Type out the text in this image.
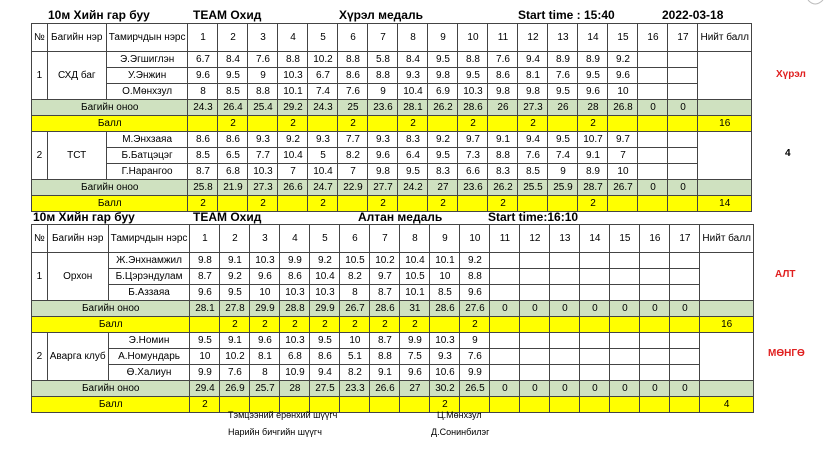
10м Хийн гар буу	TEAM Охид	Хүрэл медаль	Start time : 15:40	2022-03-18
№	Багийн нэр	Тамирчдын нэрс	1	2	3	4	5	6	7	8	9	10	11	12	13	14	15	16	17	Нийт балл
1	СХД баг	Э.Эгшиглэн	6.7	8.4	7.6	8.8	10.2	8.8	5.8	8.4	9.5	8.8	7.6	9.4	8.9	8.9	9.2			
		У.Энжин	9.6	9.5	9	10.3	6.7	8.6	8.8	9.3	9.8	9.5	8.6	8.1	7.6	9.5	9.6			
		О.Мөнхзул	8	8.5	8.8	10.1	7.4	7.6	9	10.4	6.9	10.3	9.8	9.8	9.5	9.6	10			
Багийн оноо			24.3	26.4	25.4	29.2	24.3	25	23.6	28.1	26.2	28.6	26	27.3	26	28	26.8	0	0	
Балл				2		2		2		2		2		2		2				16
2	ТСТ	М.Энхзаяа	8.6	8.6	9.3	9.2	9.3	7.7	9.3	8.3	9.2	9.7	9.1	9.4	9.5	10.7	9.7			
		Б.Батцэцэг	8.5	6.5	7.7	10.4	5	8.2	9.6	6.4	9.5	7.3	8.8	7.6	7.4	9.1	7			
		Г.Нарангоо	8.7	6.8	10.3	7	10.4	7	9.8	9.5	8.3	6.6	8.3	8.5	9	8.9	10			
Багийн оноо			25.8	21.9	27.3	26.6	24.7	22.9	27.7	24.2	27	23.6	26.2	25.5	25.9	28.7	26.7	0	0	
Балл			2		2		2		2		2		2			2				14
Хүрэл
4
10м Хийн гар буу	TEAM Охид	Алтан медаль	Start time:16:10
№	Багийн нэр	Тамирчдын нэрс	1	2	3	4	5	6	7	8	9	10	11	12	13	14	15	16	17	Нийт балл
1	Орхон	Ж.Энхнамжил	9.8	9.1	10.3	9.9	9.2	10.5	10.2	10.4	10.1	9.2								
		Б.Цэрэндулам	8.7	9.2	9.6	8.6	10.4	8.2	9.7	10.5	10	8.8								
		Б.Аззаяа	9.6	9.5	10	10.3	10.3	8	8.7	10.1	8.5	9.6								
Багийн оноо			28.1	27.8	29.9	28.8	29.9	26.7	28.6	31	28.6	27.6	0	0	0	0	0	0	0	
Балл				2	2	2	2	2	2	2		2								16
2	Аварга клуб	Э.Номин	9.5	9.1	9.6	10.3	9.5	10	8.7	9.9	10.3	9								
		А.Номундарь	10	10.2	8.1	6.8	8.6	5.1	8.8	7.5	9.3	7.6								
		Ө.Халиун	9.9	7.6	8	10.9	9.4	8.2	9.1	9.6	10.6	9.9								
Багийн оноо			29.4	26.9	25.7	28	27.5	23.3	26.6	27	30.2	26.5	0	0	0	0	0	0	0	
Балл			2								2									4
АЛТ
МӨНГӨ
Тэмцээний ерөнхий шүүгч	Ц.Мөнхзул
Нарийн бичгийн шүүгч	Д.Сонинбилэг
